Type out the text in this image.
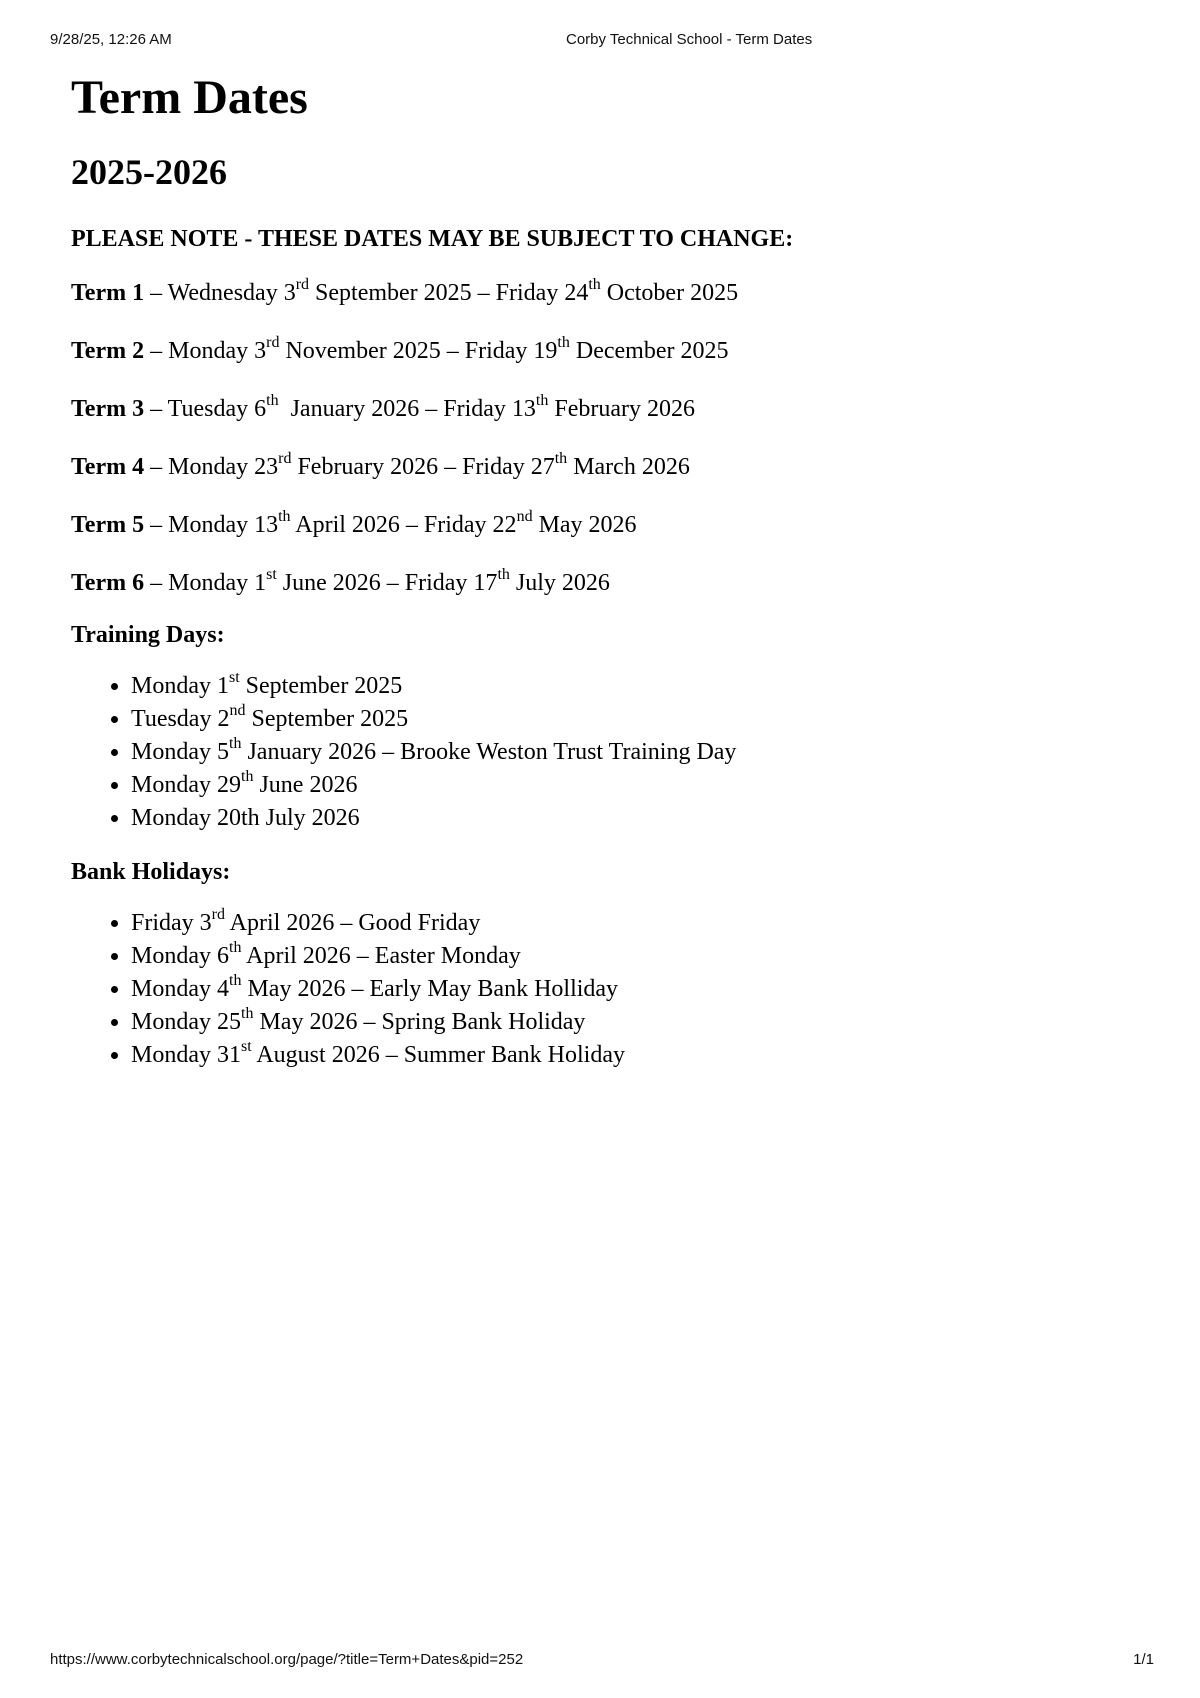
9/28/25, 12:26 AM	Corby Technical School - Term Dates
Term Dates
2025-2026

PLEASE NOTE - THESE DATES MAY BE SUBJECT TO CHANGE:

Term 1 – Wednesday 3rd September 2025 – Friday 24th October 2025

Term 2 – Monday 3rd November 2025 – Friday 19th December 2025

Term 3 – Tuesday 6th  January 2026 – Friday 13th February 2026

Term 4 – Monday 23rd February 2026 – Friday 27th March 2026

Term 5 – Monday 13th April 2026 – Friday 22nd May 2026

Term 6 – Monday 1st June 2026 – Friday 17th July 2026

Training Days:

• Monday 1st September 2025
• Tuesday 2nd September 2025
• Monday 5th January 2026 – Brooke Weston Trust Training Day
• Monday 29th June 2026
• Monday 20th July 2026

Bank Holidays:

• Friday 3rd April 2026 – Good Friday
• Monday 6th April 2026 – Easter Monday
• Monday 4th May 2026 – Early May Bank Holliday
• Monday 25th May 2026 – Spring Bank Holiday
• Monday 31st August 2026 – Summer Bank Holiday
https://www.corbytechnicalschool.org/page/?title=Term+Dates&pid=252	1/1
